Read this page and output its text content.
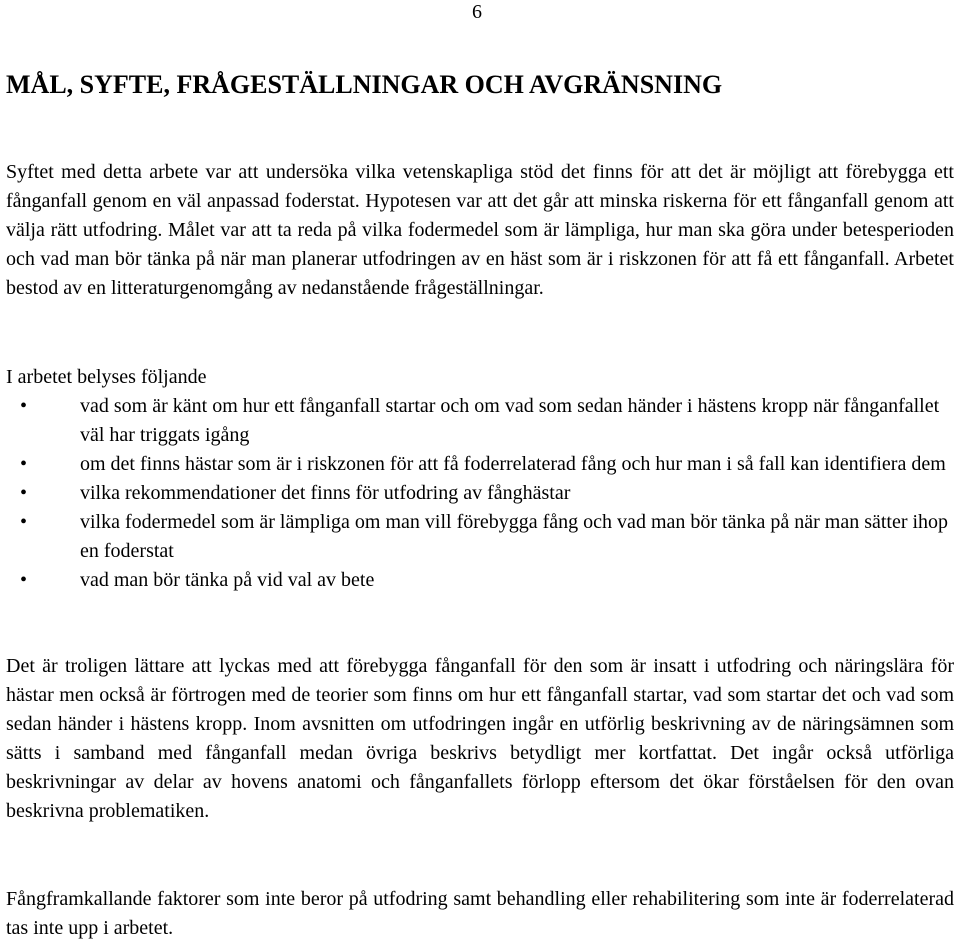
6
MÅL, SYFTE, FRÅGESTÄLLNINGAR OCH AVGRÄNSNING

Syftet med detta arbete var att undersöka vilka vetenskapliga stöd det finns för att det är möjligt att förebygga ett fånganfall genom en väl anpassad foderstat. Hypotesen var att det går att minska riskerna för ett fånganfall genom att välja rätt utfodring. Målet var att ta reda på vilka fodermedel som är lämpliga, hur man ska göra under betesperioden och vad man bör tänka på när man planerar utfodringen av en häst som är i riskzonen för att få ett fånganfall. Arbetet bestod av en litteraturgenomgång av nedanstående frågeställningar.

I arbetet belyses följande

•	vad som är känt om hur ett fånganfall startar och om vad som sedan händer i hästens kropp när fånganfallet väl har triggats igång
•	om det finns hästar som är i riskzonen för att få foderrelaterad fång och hur man i så fall kan identifiera dem
•	vilka rekommendationer det finns för utfodring av fånghästar
•	vilka fodermedel som är lämpliga om man vill förebygga fång och vad man bör tänka på när man sätter ihop en foderstat
•	vad man bör tänka på vid val av bete

Det är troligen lättare att lyckas med att förebygga fånganfall för den som är insatt i utfodring och näringslära för hästar men också är förtrogen med de teorier som finns om hur ett fånganfall startar, vad som startar det och vad som sedan händer i hästens kropp. Inom avsnitten om utfodringen ingår en utförlig beskrivning av de näringsämnen som sätts i samband med fånganfall medan övriga beskrivs betydligt mer kortfattat. Det ingår också utförliga beskrivningar av delar av hovens anatomi och fånganfallets förlopp eftersom det ökar förståelsen för den ovan beskrivna problematiken.

Fångframkallande faktorer som inte beror på utfodring samt behandling eller rehabilitering som inte är foderrelaterad tas inte upp i arbetet.
